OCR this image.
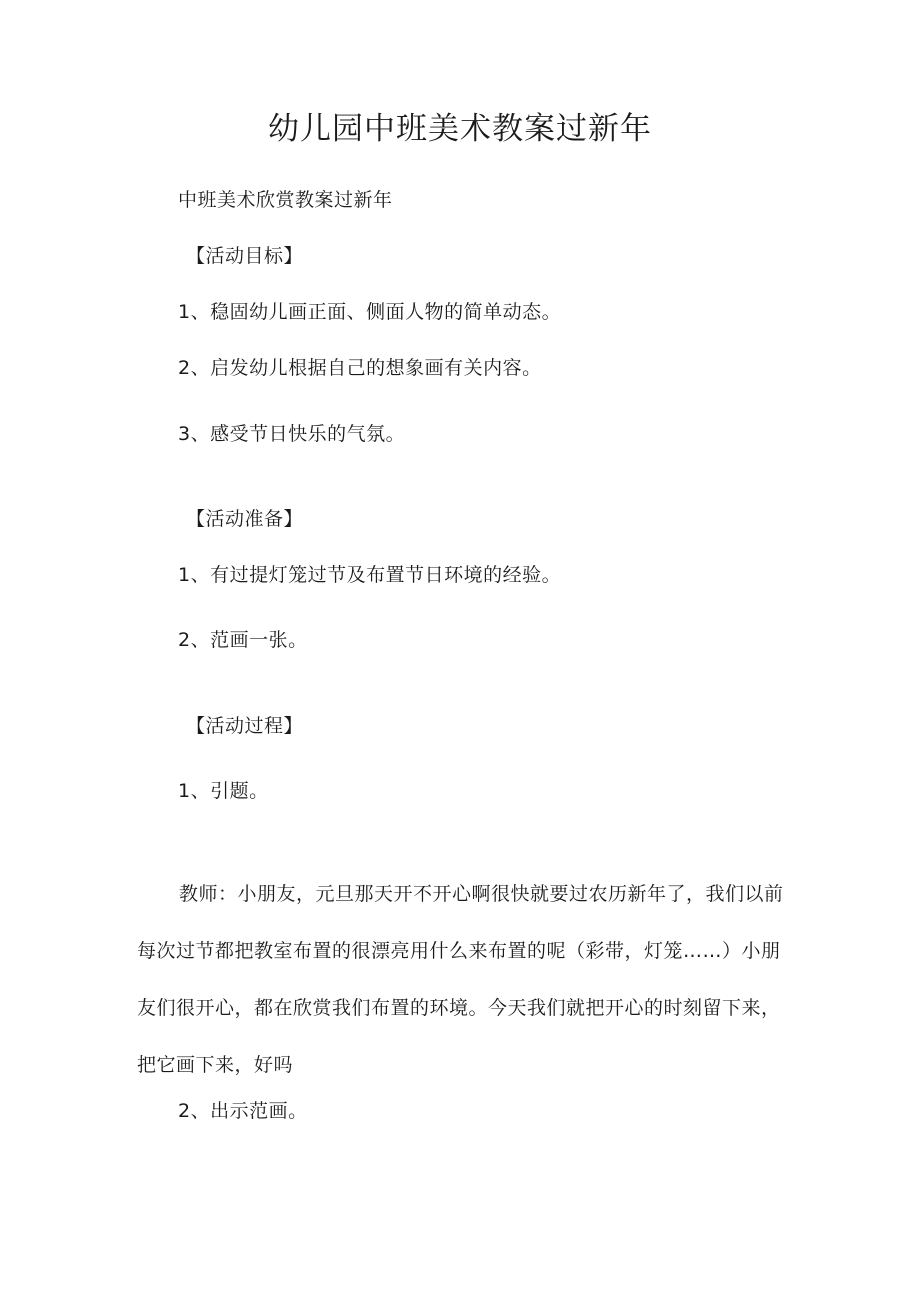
幼儿园中班美术教案过新年
中班美术欣赏教案过新年
【活动目标】
1、稳固幼儿画正面、侧面人物的简单动态。
2、启发幼儿根据自己的想象画有关内容。
3、感受节日快乐的气氛。
【活动准备】
1、有过提灯笼过节及布置节日环境的经验。
2、范画一张。
【活动过程】
1、引题。
教师：小朋友，元旦那天开不开心啊很快就要过农历新年了，我们以前每次过节都把教室布置的很漂亮用什么来布置的呢（彩带，灯笼……）小朋友们很开心，都在欣赏我们布置的环境。今天我们就把开心的时刻留下来，把它画下来，好吗
2、出示范画。
